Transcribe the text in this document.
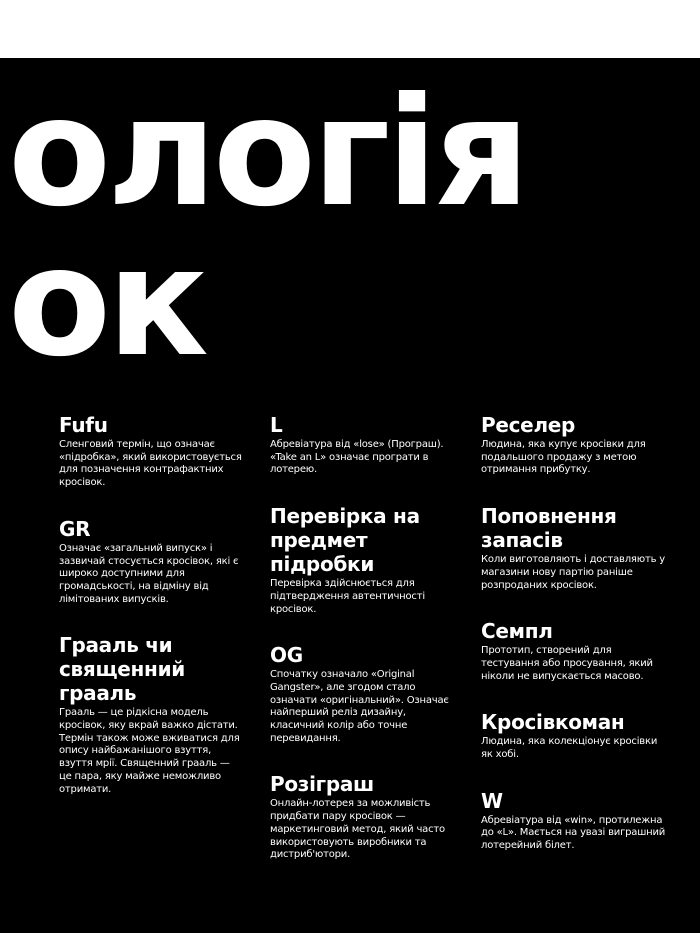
ологія
ок
Fufu
Сленговий термін, що означає «підробка», який використовується для позначення контрафактних кросівок.
GR
Означає «загальний випуск» і зазвичай стосується кросівок, які є широко доступними для громадськості, на відміну від лімітованих випусків.
Грааль чи священний грааль
Грааль — це рідкісна модель кросівок, яку вкрай важко дістати. Термін також може вживатися для опису найбажанішого взуття, взуття мрії. Священний грааль — це пара, яку майже неможливо отримати.
L
Абревіатура від «lose» (Програш). «Take an L» означає програти в лотерею.
Перевірка на предмет підробки
Перевірка здійснюється для підтвердження автентичності кросівок.
OG
Спочатку означало «Original Gangster», але згодом стало означати «оригінальний». Означає найперший реліз дизайну, класичний колір або точне перевидання.
Розіграш
Онлайн-лотерея за можливість придбати пару кросівок — маркетинговий метод, який часто використовують виробники та дистриб'ютори.
Реселер
Людина, яка купує кросівки для подальшого продажу з метою отримання прибутку.
Поповнення запасів
Коли виготовляють і доставляють у магазини нову партію раніше розпроданих кросівок.
Семпл
Прототип, створений для тестування або просування, який ніколи не випускається масово.
Кросівкоман
Людина, яка колекціонує кросівки як хобі.
W
Абревіатура від «win», протилежна до «L». Мається на увазі виграшний лотерейний білет.
